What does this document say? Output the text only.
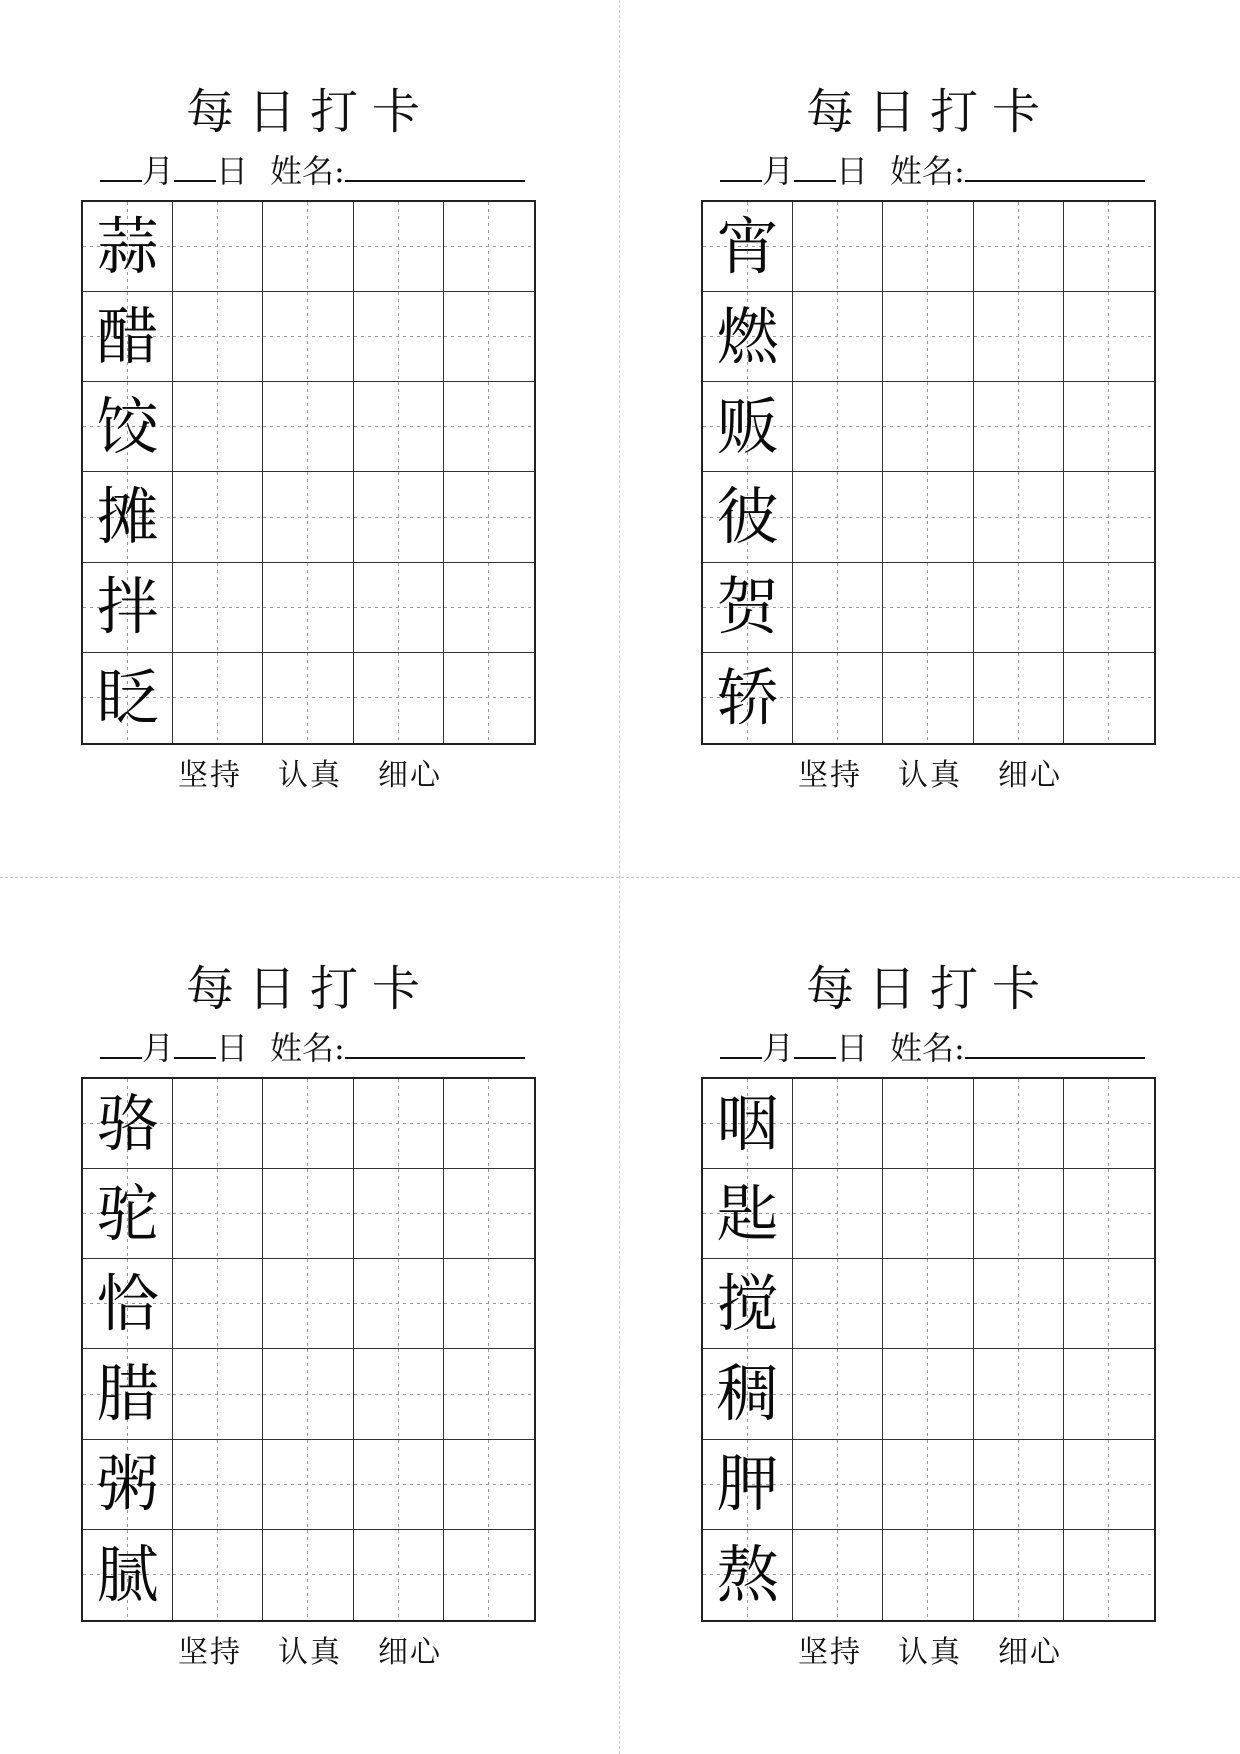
每日打卡
月 日 姓名:
蒜
醋
饺
摊
拌
眨
坚持 认真 细心
每日打卡
月 日 姓名:
宵
燃
贩
彼
贺
轿
坚持 认真 细心
每日打卡
月 日 姓名:
骆
驼
恰
腊
粥
腻
坚持 认真 细心
每日打卡
月 日 姓名:
咽
匙
搅
稠
胛
熬
坚持 认真 细心
